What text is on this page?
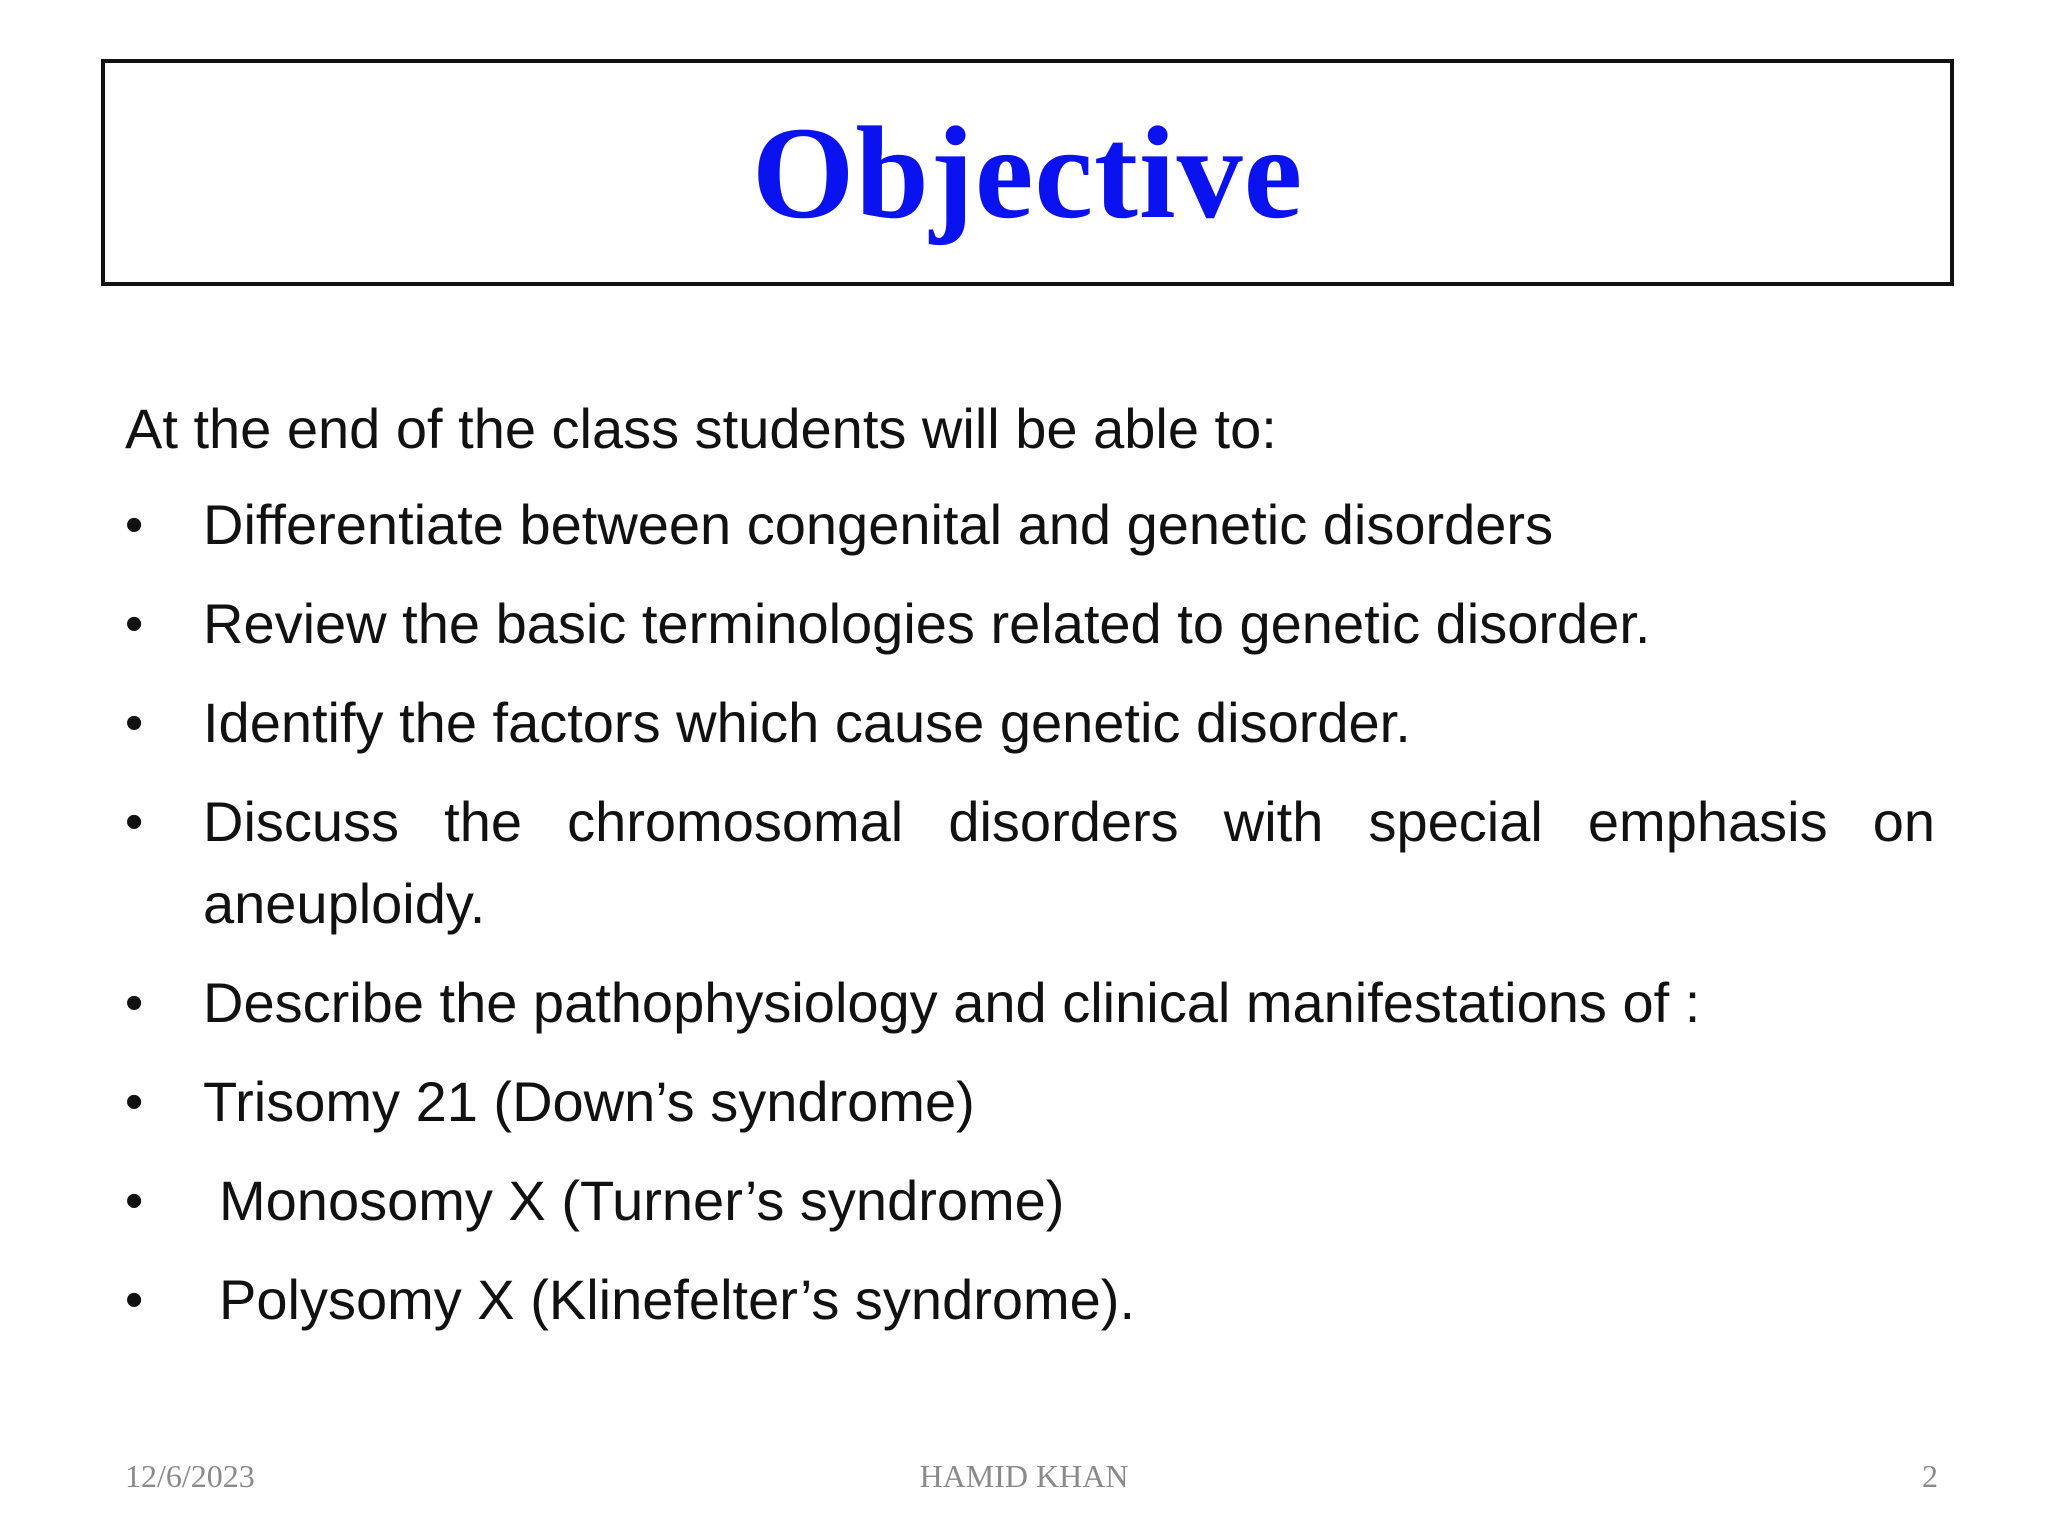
Objective

At the end of the class students will be able to:

•	Differentiate between congenital and genetic disorders
•	Review the basic terminologies related to genetic disorder.
•	Identify the factors which cause genetic disorder.
•	Discuss the chromosomal disorders with special emphasis on aneuploidy.
•	Describe the pathophysiology and clinical manifestations of :
•	Trisomy 21 (Down’s syndrome)
•	Monosomy X (Turner’s syndrome)
•	Polysomy X (Klinefelter’s syndrome).
12/6/2023	HAMID KHAN	2
